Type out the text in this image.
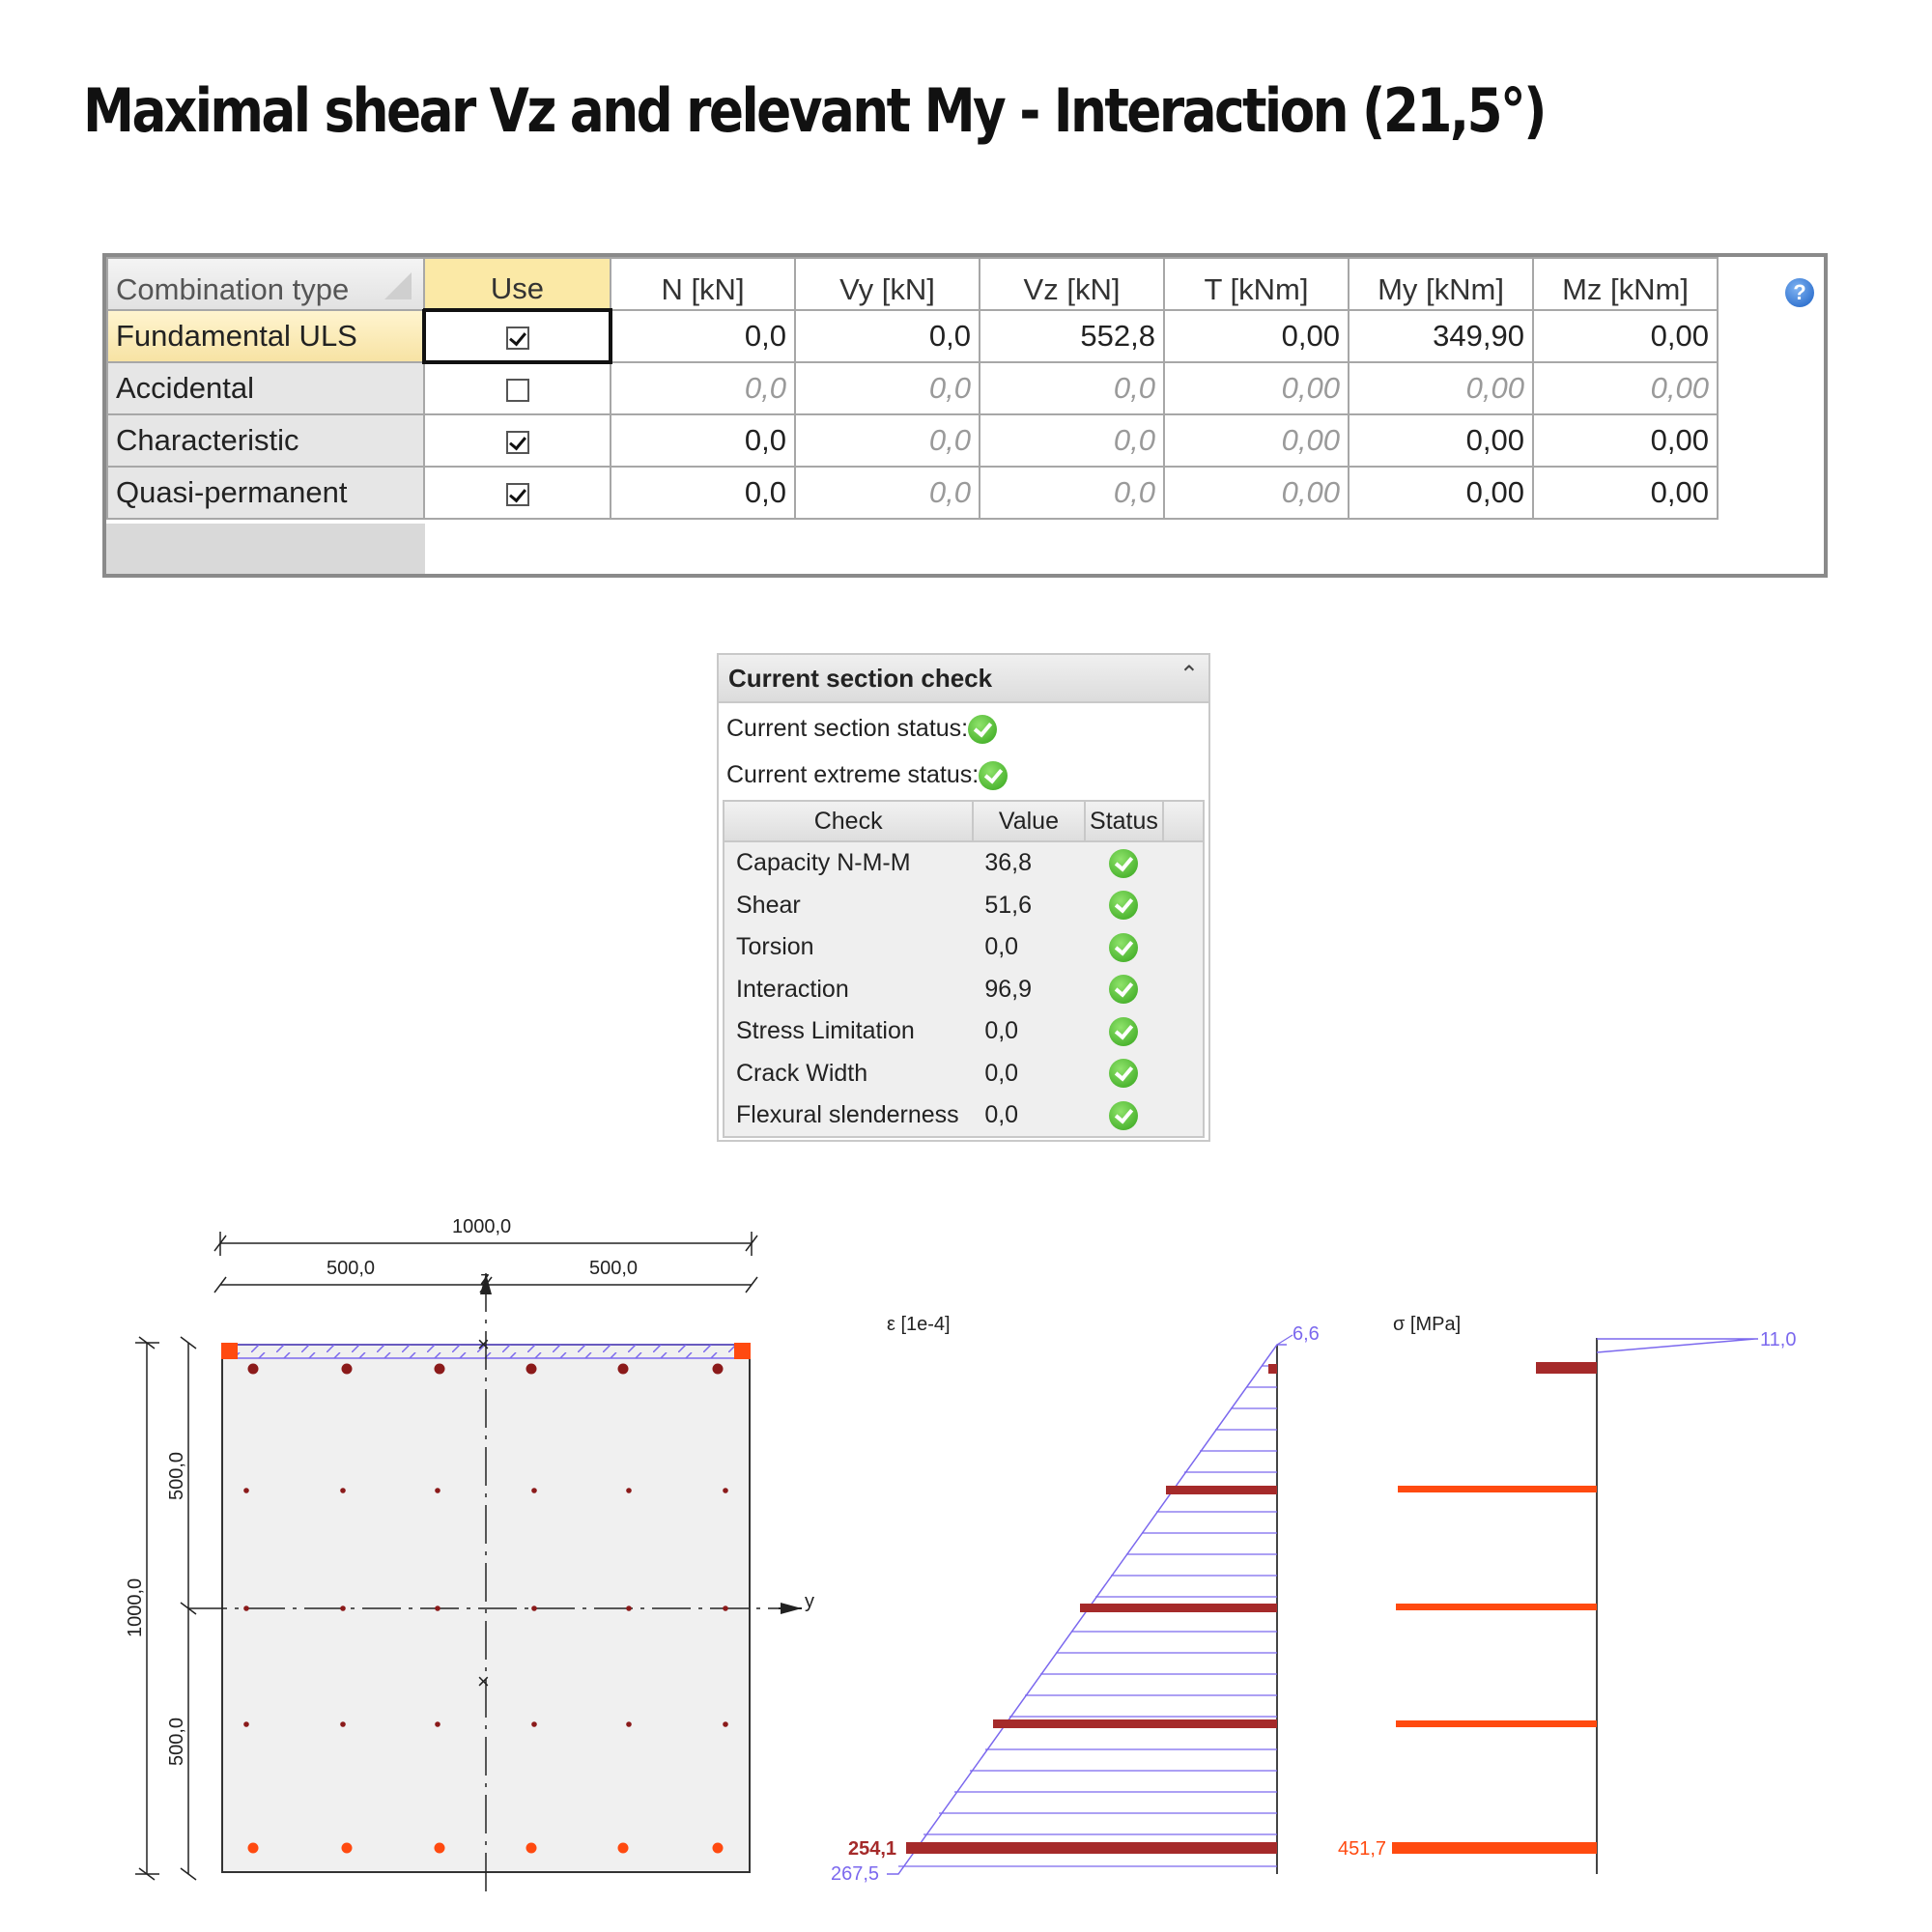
Maximal shear Vz and relevant My - Interaction (21,5°)
Combination type	Use	N [kN]	Vy [kN]	Vz [kN]	T [kNm]	My [kNm]	Mz [kNm]
Fundamental ULS		0,0	0,0	552,8	0,00	349,90	0,00
Accidental		0,0	0,0	0,0	0,00	0,00	0,00
Characteristic		0,0	0,0	0,0	0,00	0,00	0,00
Quasi-permanent		0,0	0,0	0,0	0,00	0,00	0,00
?
Current section check	⌃︎
Current section status:
Current extreme status:
Check	Value	Status	
Capacity N-M-M	36,8		
Shear	51,6		
Torsion	0,0		
Interaction	96,9		
Stress Limitation	0,0		
Crack Width	0,0		
Flexural slenderness	0,0		
y
z
×
×
1000,0
500,0	500,0
1000,0
500,0
500,0
ε [1e-4]	6,6
254,1
267,5
σ [MPa]
11,0
451,7
